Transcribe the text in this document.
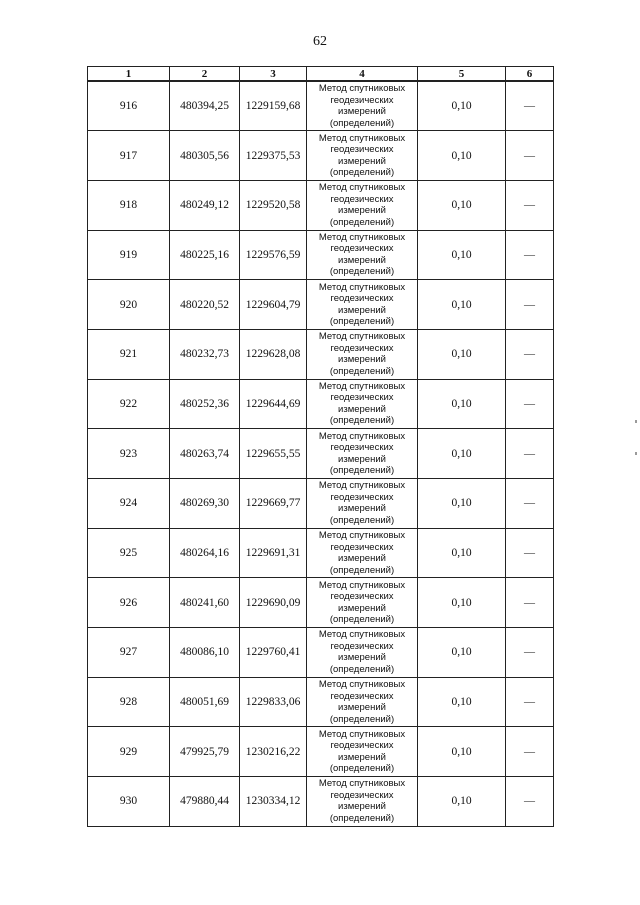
62
1	2	3	4	5	6
916	480394,25	1229159,68	Метод спутниковых
геодезических
измерений
(определений)	0,10	—
917	480305,56	1229375,53	Метод спутниковых
геодезических
измерений
(определений)	0,10	—
918	480249,12	1229520,58	Метод спутниковых
геодезических
измерений
(определений)	0,10	—
919	480225,16	1229576,59	Метод спутниковых
геодезических
измерений
(определений)	0,10	—
920	480220,52	1229604,79	Метод спутниковых
геодезических
измерений
(определений)	0,10	—
921	480232,73	1229628,08	Метод спутниковых
геодезических
измерений
(определений)	0,10	—
922	480252,36	1229644,69	Метод спутниковых
геодезических
измерений
(определений)	0,10	—
923	480263,74	1229655,55	Метод спутниковых
геодезических
измерений
(определений)	0,10	—
924	480269,30	1229669,77	Метод спутниковых
геодезических
измерений
(определений)	0,10	—
925	480264,16	1229691,31	Метод спутниковых
геодезических
измерений
(определений)	0,10	—
926	480241,60	1229690,09	Метод спутниковых
геодезических
измерений
(определений)	0,10	—
927	480086,10	1229760,41	Метод спутниковых
геодезических
измерений
(определений)	0,10	—
928	480051,69	1229833,06	Метод спутниковых
геодезических
измерений
(определений)	0,10	—
929	479925,79	1230216,22	Метод спутниковых
геодезических
измерений
(определений)	0,10	—
930	479880,44	1230334,12	Метод спутниковых
геодезических
измерений
(определений)	0,10	—
